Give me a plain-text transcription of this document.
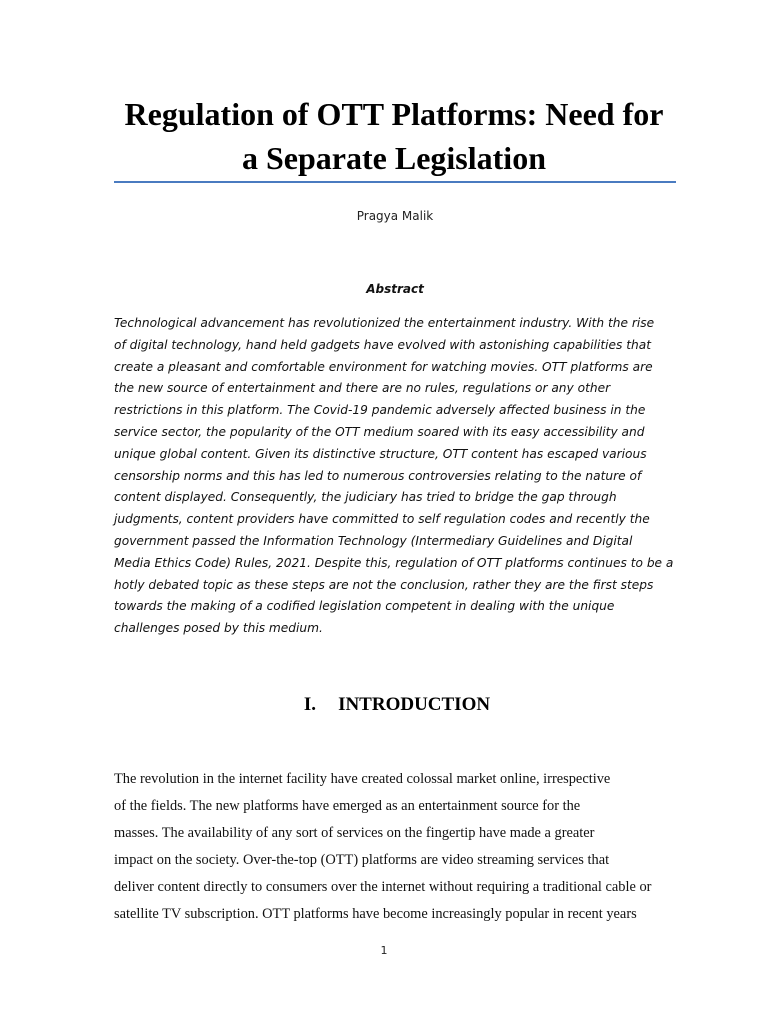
Regulation of OTT Platforms: Need for
a Separate Legislation
Pragya Malik
Abstract

Technological advancement has revolutionized the entertainment industry. With the rise
of digital technology, hand held gadgets have evolved with astonishing capabilities that
create a pleasant and comfortable environment for watching movies. OTT platforms are
the new source of entertainment and there are no rules, regulations or any other
restrictions in this platform. The Covid-19 pandemic adversely affected business in the
service sector, the popularity of the OTT medium soared with its easy accessibility and
unique global content. Given its distinctive structure, OTT content has escaped various
censorship norms and this has led to numerous controversies relating to the nature of
content displayed. Consequently, the judiciary has tried to bridge the gap through
judgments, content providers have committed to self regulation codes and recently the
government passed the Information Technology (Intermediary Guidelines and Digital
Media Ethics Code) Rules, 2021. Despite this, regulation of OTT platforms continues to be a
hotly debated topic as these steps are not the conclusion, rather they are the first steps
towards the making of a codified legislation competent in dealing with the unique
challenges posed by this medium.

I. INTRODUCTION

The revolution in the internet facility have created colossal market online, irrespective
of the fields. The new platforms have emerged as an entertainment source for the
masses. The availability of any sort of services on the fingertip have made a greater
impact on the society. Over-the-top (OTT) platforms are video streaming services that
deliver content directly to consumers over the internet without requiring a traditional cable or
satellite TV subscription. OTT platforms have become increasingly popular in recent years

1
